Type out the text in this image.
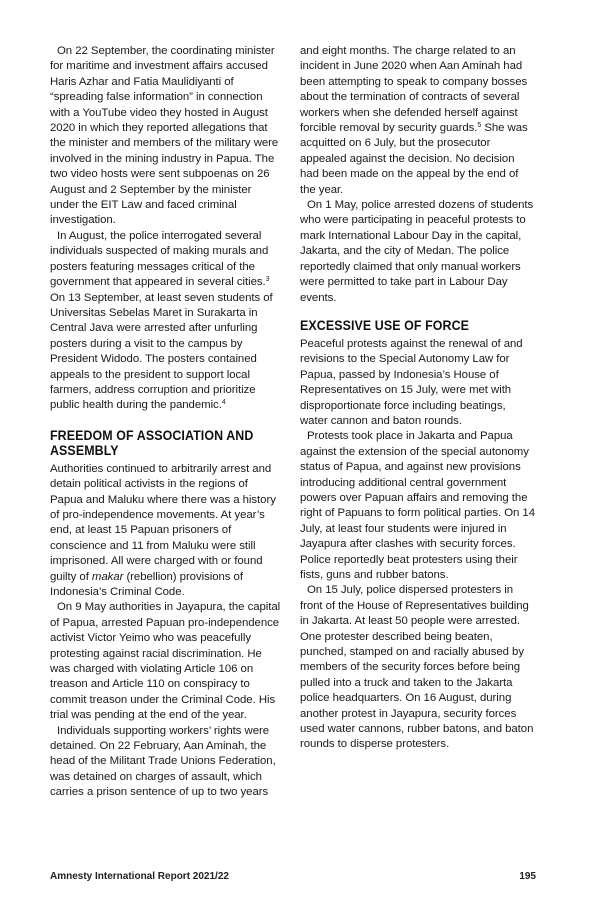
On 22 September, the coordinating minister for maritime and investment affairs accused Haris Azhar and Fatia Maulidiyanti of “spreading false information” in connection with a YouTube video they hosted in August 2020 in which they reported allegations that the minister and members of the military were involved in the mining industry in Papua. The two video hosts were sent subpoenas on 26 August and 2 September by the minister under the EIT Law and faced criminal investigation.

In August, the police interrogated several individuals suspected of making murals and posters featuring messages critical of the government that appeared in several cities.$^3$ On 13 September, at least seven students of Universitas Sebelas Maret in Surakarta in Central Java were arrested after unfurling posters during a visit to the campus by President Widodo. The posters contained appeals to the president to support local farmers, address corruption and prioritize public health during the pandemic.$^4$

FREEDOM OF ASSOCIATION AND ASSEMBLY

Authorities continued to arbitrarily arrest and detain political activists in the regions of Papua and Maluku where there was a history of pro-independence movements. At year’s end, at least 15 Papuan prisoners of conscience and 11 from Maluku were still imprisoned. All were charged with or found guilty of makar (rebellion) provisions of Indonesia’s Criminal Code.

On 9 May authorities in Jayapura, the capital of Papua, arrested Papuan pro-independence activist Victor Yeimo who was peacefully protesting against racial discrimination. He was charged with violating Article 106 on treason and Article 110 on conspiracy to commit treason under the Criminal Code. His trial was pending at the end of the year.

Individuals supporting workers’ rights were detained. On 22 February, Aan Aminah, the head of the Militant Trade Unions Federation, was detained on charges of assault, which carries a prison sentence of up to two years

and eight months. The charge related to an incident in June 2020 when Aan Aminah had been attempting to speak to company bosses about the termination of contracts of several workers when she defended herself against forcible removal by security guards.$^5$ She was acquitted on 6 July, but the prosecutor appealed against the decision. No decision had been made on the appeal by the end of the year.

On 1 May, police arrested dozens of students who were participating in peaceful protests to mark International Labour Day in the capital, Jakarta, and the city of Medan. The police reportedly claimed that only manual workers were permitted to take part in Labour Day events.

EXCESSIVE USE OF FORCE

Peaceful protests against the renewal of and revisions to the Special Autonomy Law for Papua, passed by Indonesia’s House of Representatives on 15 July, were met with disproportionate force including beatings, water cannon and baton rounds.

Protests took place in Jakarta and Papua against the extension of the special autonomy status of Papua, and against new provisions introducing additional central government powers over Papuan affairs and removing the right of Papuans to form political parties. On 14 July, at least four students were injured in Jayapura after clashes with security forces. Police reportedly beat protesters using their fists, guns and rubber batons.

On 15 July, police dispersed protesters in front of the House of Representatives building in Jakarta. At least 50 people were arrested. One protester described being beaten, punched, stamped on and racially abused by members of the security forces before being pulled into a truck and taken to the Jakarta police headquarters. On 16 August, during another protest in Jayapura, security forces used water cannons, rubber batons, and baton rounds to disperse protesters.

Amnesty International Report 2021/22	195
